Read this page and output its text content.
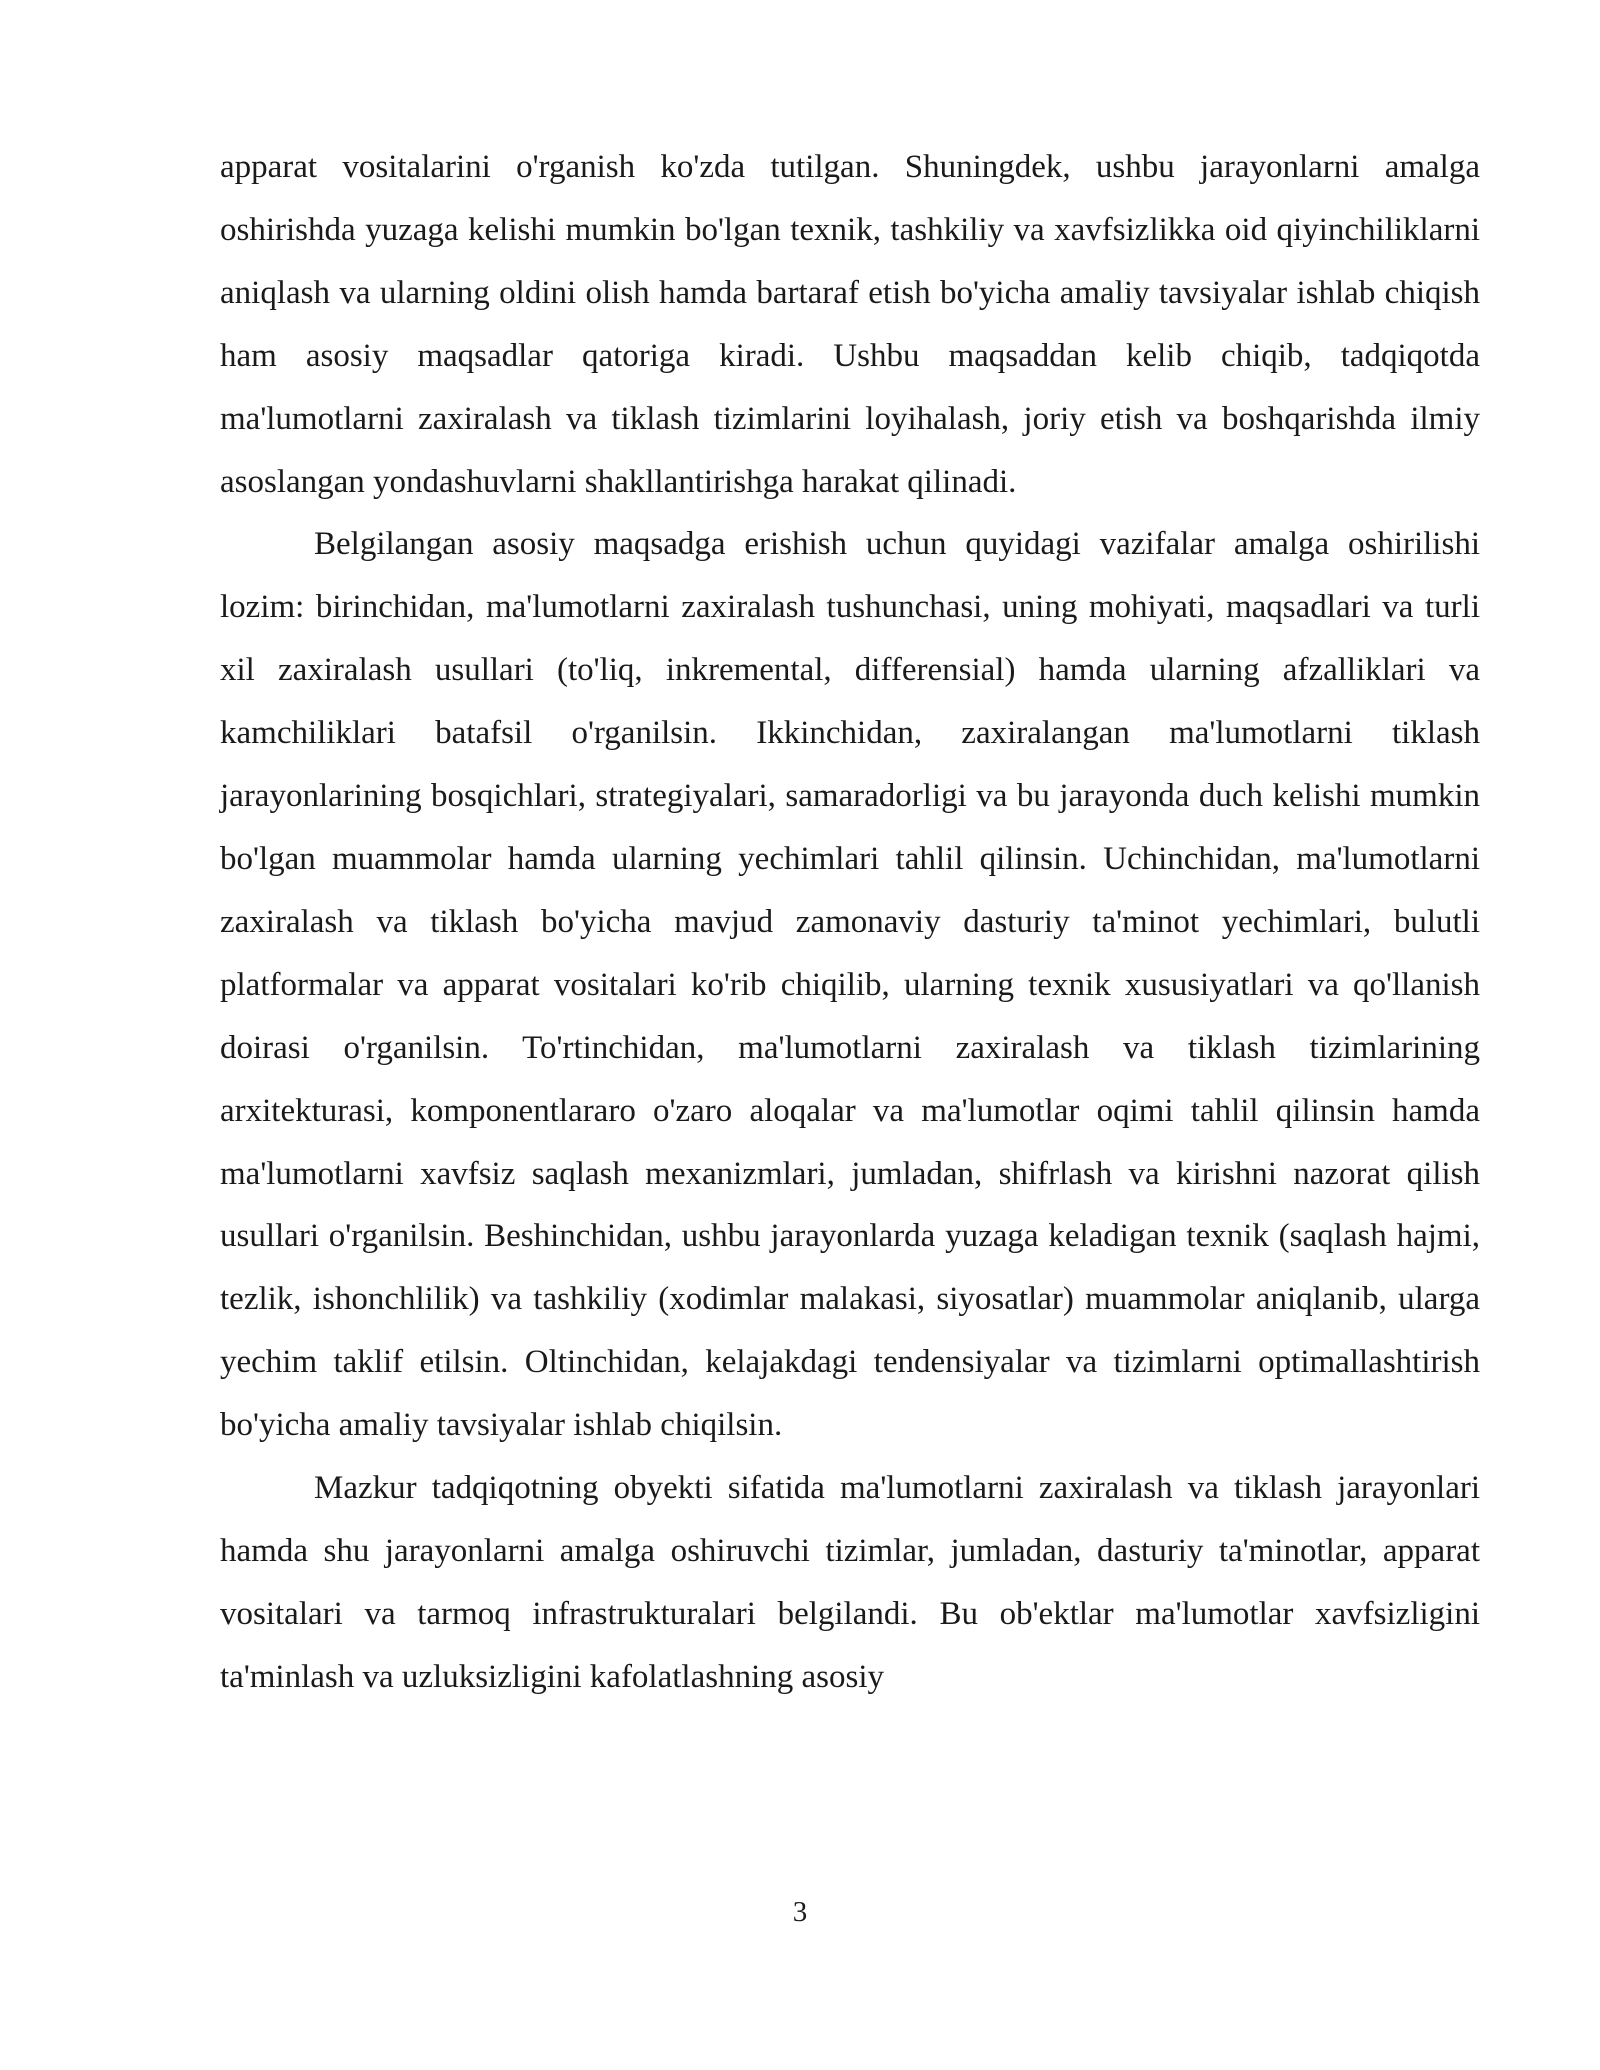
apparat vositalarini o'rganish ko'zda tutilgan. Shuningdek, ushbu jarayonlarni amalga oshirishda yuzaga kelishi mumkin bo'lgan texnik, tashkiliy va xavfsizlikka oid qiyinchiliklarni aniqlash va ularning oldini olish hamda bartaraf etish bo'yicha amaliy tavsiyalar ishlab chiqish ham asosiy maqsadlar qatoriga kiradi. Ushbu maqsaddan kelib chiqib, tadqiqotda ma'lumotlarni zaxiralash va tiklash tizimlarini loyihalash, joriy etish va boshqarishda ilmiy asoslangan yondashuvlarni shakllantirishga harakat qilinadi.

Belgilangan asosiy maqsadga erishish uchun quyidagi vazifalar amalga oshirilishi lozim: birinchidan, ma'lumotlarni zaxiralash tushunchasi, uning mohiyati, maqsadlari va turli xil zaxiralash usullari (to'liq, inkremental, differensial) hamda ularning afzalliklari va kamchiliklari batafsil o'rganilsin. Ikkinchidan, zaxiralangan ma'lumotlarni tiklash jarayonlarining bosqichlari, strategiyalari, samaradorligi va bu jarayonda duch kelishi mumkin bo'lgan muammolar hamda ularning yechimlari tahlil qilinsin. Uchinchidan, ma'lumotlarni zaxiralash va tiklash bo'yicha mavjud zamonaviy dasturiy ta'minot yechimlari, bulutli platformalar va apparat vositalari ko'rib chiqilib, ularning texnik xususiyatlari va qo'llanish doirasi o'rganilsin. To'rtinchidan, ma'lumotlarni zaxiralash va tiklash tizimlarining arxitekturasi, komponentlararo o'zaro aloqalar va ma'lumotlar oqimi tahlil qilinsin hamda ma'lumotlarni xavfsiz saqlash mexanizmlari, jumladan, shifrlash va kirishni nazorat qilish usullari o'rganilsin. Beshinchidan, ushbu jarayonlarda yuzaga keladigan texnik (saqlash hajmi, tezlik, ishonchlilik) va tashkiliy (xodimlar malakasi, siyosatlar) muammolar aniqlanib, ularga yechim taklif etilsin. Oltinchidan, kelajakdagi tendensiyalar va tizimlarni optimallashtirish bo'yicha amaliy tavsiyalar ishlab chiqilsin.

Mazkur tadqiqotning obyekti sifatida ma'lumotlarni zaxiralash va tiklash jarayonlari hamda shu jarayonlarni amalga oshiruvchi tizimlar, jumladan, dasturiy ta'minotlar, apparat vositalari va tarmoq infrastrukturalari belgilandi. Bu ob'ektlar ma'lumotlar xavfsizligini ta'minlash va uzluksizligini kafolatlashning asosiy

3
